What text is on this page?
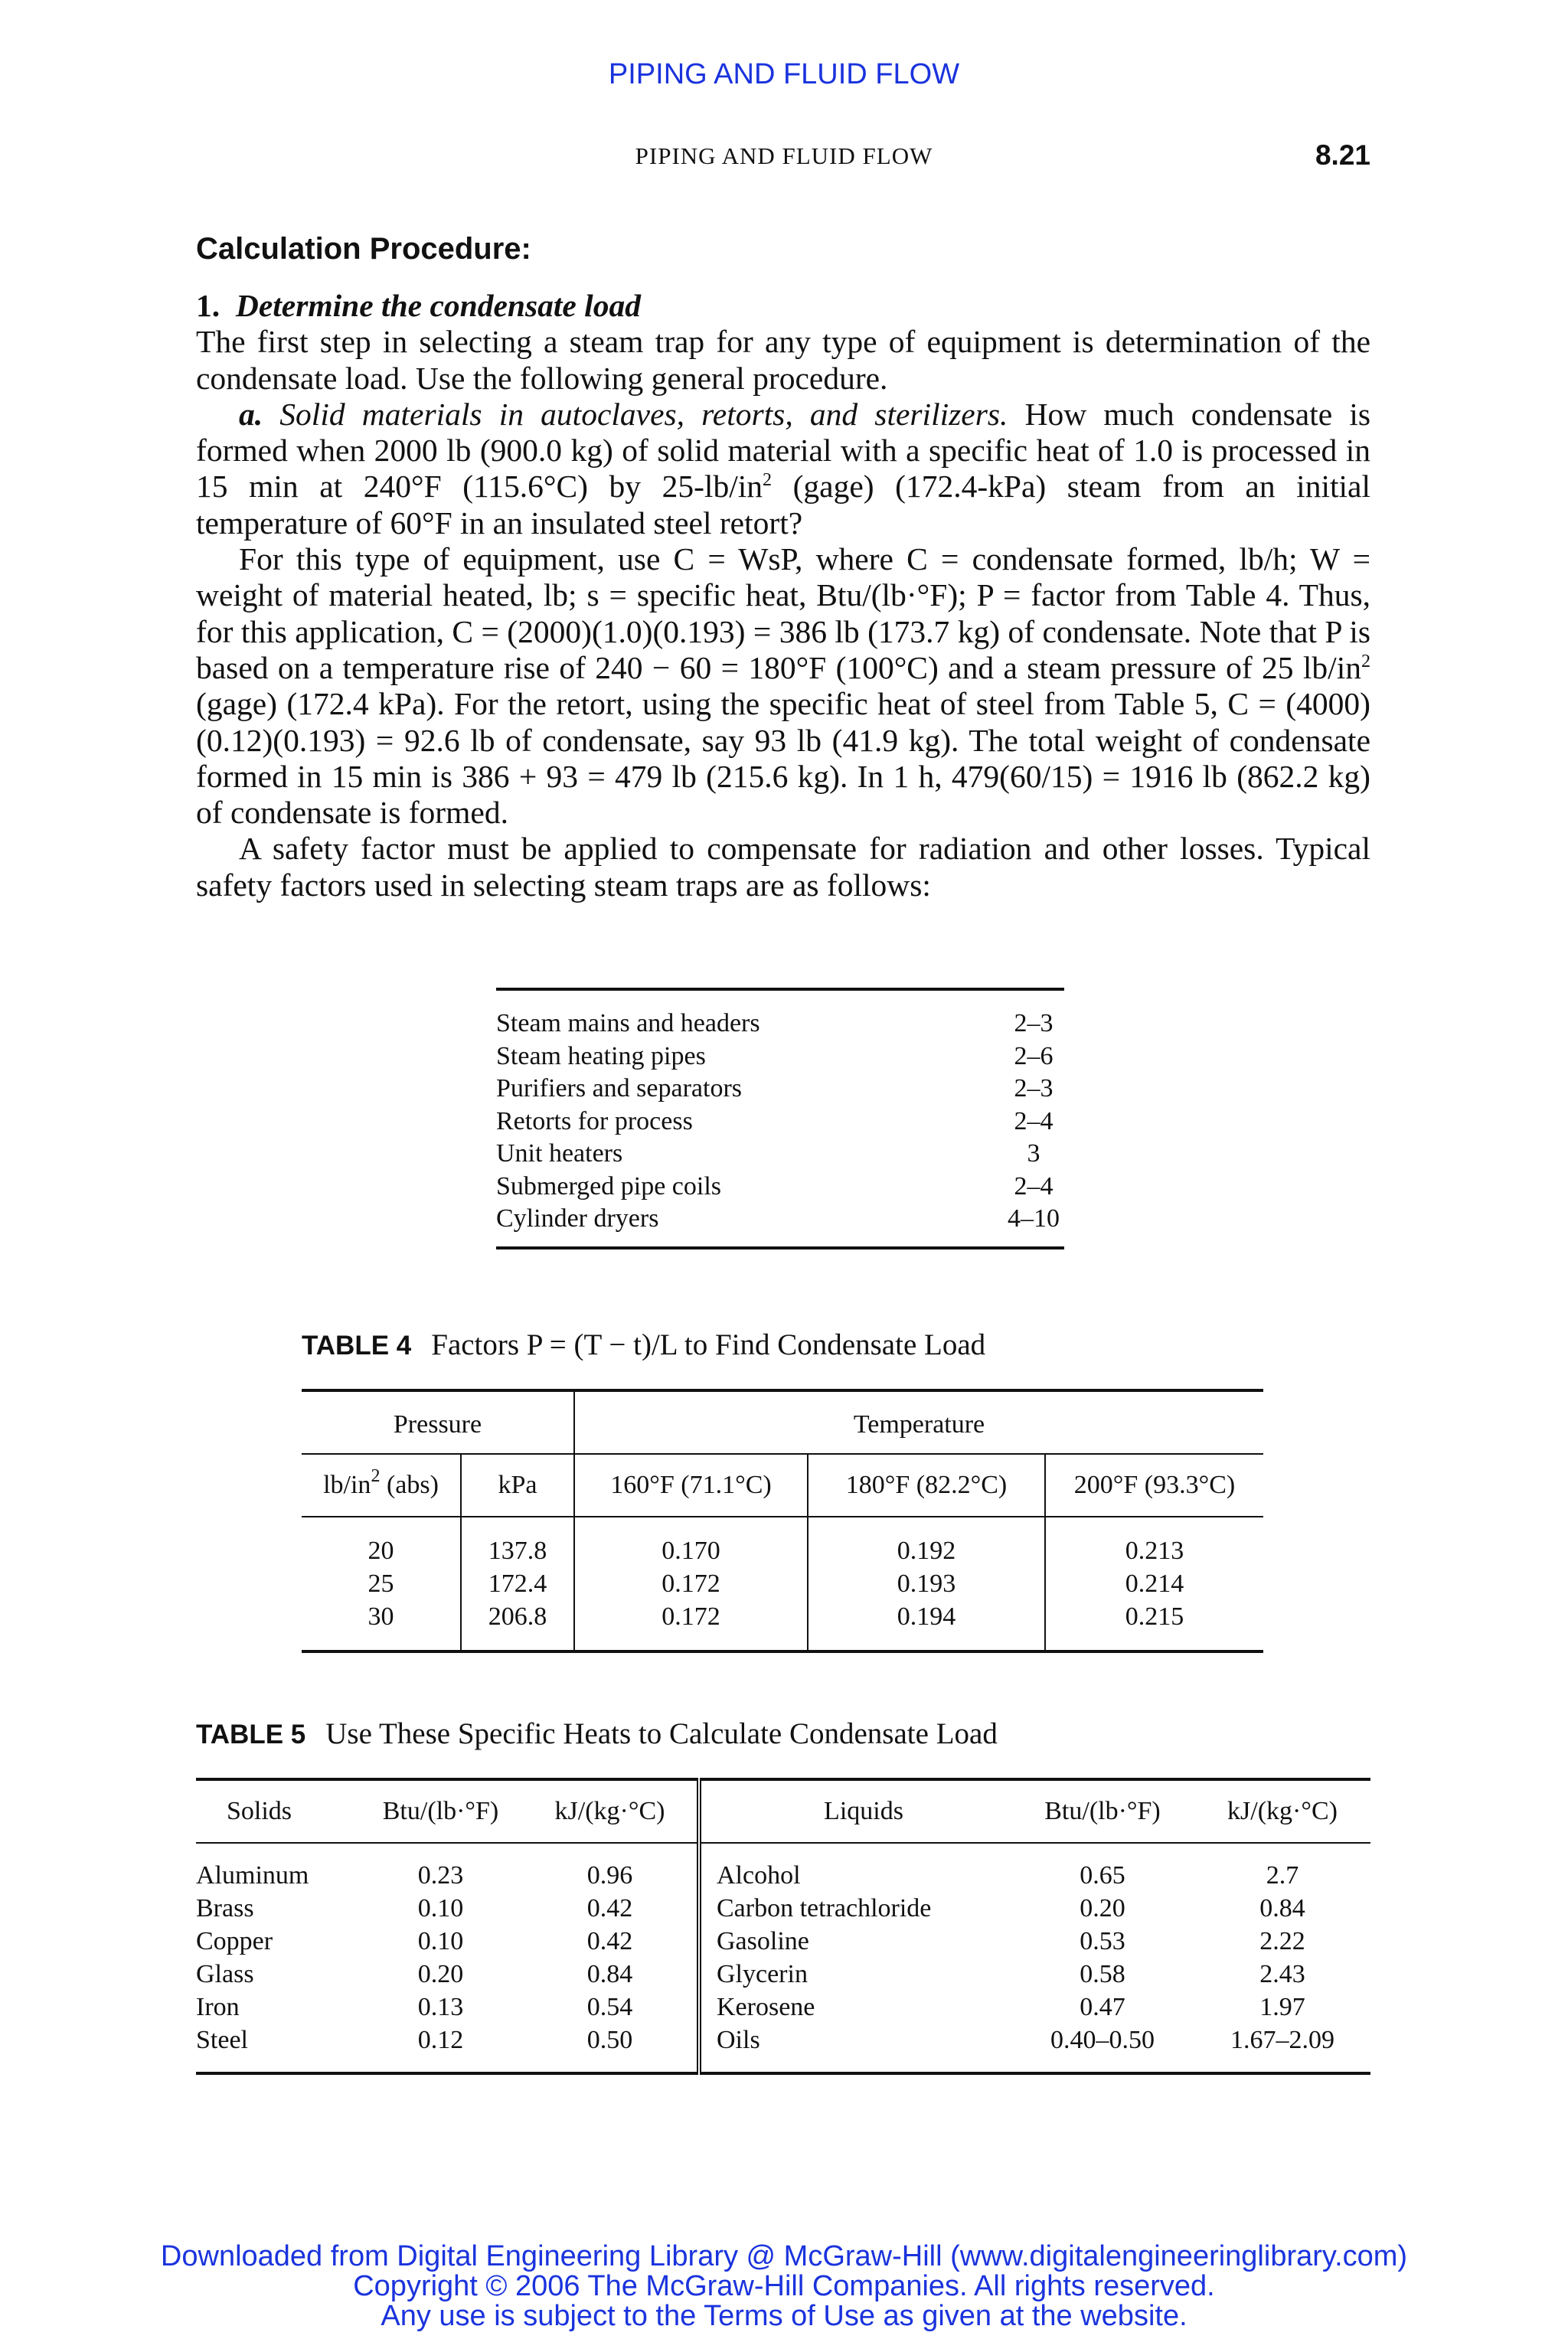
PIPING AND FLUID FLOW
PIPING AND FLUID FLOW	8.21
Calculation Procedure:

1. Determine the condensate load

The first step in selecting a steam trap for any type of equipment is determination of the condensate load. Use the following general procedure.

a. Solid materials in autoclaves, retorts, and sterilizers. How much condensate is formed when 2000 lb (900.0 kg) of solid material with a specific heat of 1.0 is processed in 15 min at 240°F (115.6°C) by $25-lb/in^2$ (gage) (172.4-kPa) steam from an initial temperature of 60°F in an insulated steel retort?

For this type of equipment, use C = WsP, where C = condensate formed, lb/h; W = weight of material heated, lb; s = specific heat, Btu/(lb·°F); P = factor from Table 4. Thus, for this application, C = (2000)(1.0)(0.193) = 386 lb (173.7 kg) of condensate. Note that P is based on a temperature rise of 240 − 60 = 180°F (100°C) and a steam pressure of 25 $lb/in^2$ (gage) (172.4 kPa). For the retort, using the specific heat of steel from Table 5, C = (4000)(0.12)(0.193) = 92.6 lb of condensate, say 93 lb (41.9 kg). The total weight of condensate formed in 15 min is 386 + 93 = 479 lb (215.6 kg). In 1 h, 479(60/15) = 1916 lb (862.2 kg) of condensate is formed.

A safety factor must be applied to compensate for radiation and other losses. Typical safety factors used in selecting steam traps are as follows:

Steam mains and headers	2–3
Steam heating pipes	2–6
Purifiers and separators	2–3
Retorts for process	2–4
Unit heaters	3
Submerged pipe coils	2–4
Cylinder dryers	4–10
TABLE 4 Factors P = (T − t)/L to Find Condensate Load
Pressure		Temperature		
$lb/in^2$ (abs)	kPa	160°F (71.1°C)	180°F (82.2°C)	200°F (93.3°C)
20	137.8	0.170	0.192	0.213
25	172.4	0.172	0.193	0.214
30	206.8	0.172	0.194	0.215
TABLE 5 Use These Specific Heats to Calculate Condensate Load
Solids	Btu/(lb·°F)	kJ/(kg·°C)	Liquids	Btu/(lb·°F)	kJ/(kg·°C)
Aluminum	0.23	0.96	Alcohol	0.65	2.7
Brass	0.10	0.42	Carbon tetrachloride	0.20	0.84
Copper	0.10	0.42	Gasoline	0.53	2.22
Glass	0.20	0.84	Glycerin	0.58	2.43
Iron	0.13	0.54	Kerosene	0.47	1.97
Steel	0.12	0.50	Oils	0.40–0.50	1.67–2.09
Downloaded from Digital Engineering Library @ McGraw-Hill (www.digitalengineeringlibrary.com)
Copyright © 2006 The McGraw-Hill Companies. All rights reserved.
Any use is subject to the Terms of Use as given at the website.
